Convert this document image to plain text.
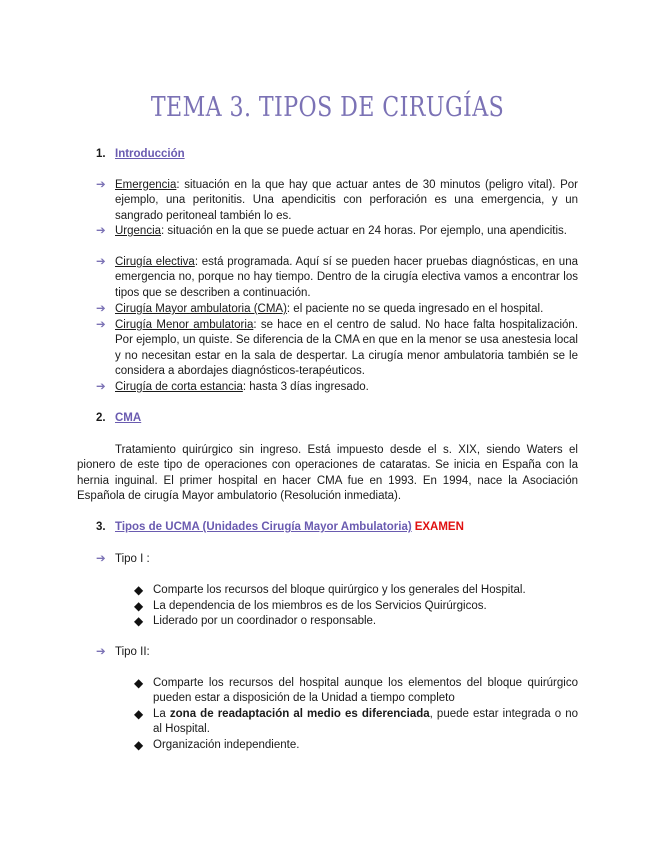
TEMA 3. TIPOS DE CIRUGÍAS
1. Introducción
➔ Emergencia: situación en la que hay que actuar antes de 30 minutos (peligro vital). Por ejemplo, una peritonitis. Una apendicitis con perforación es una emergencia, y un sangrado peritoneal también lo es.
➔ Urgencia: situación en la que se puede actuar en 24 horas. Por ejemplo, una apendicitis.
➔ Cirugía electiva: está programada. Aquí sí se pueden hacer pruebas diagnósticas, en una emergencia no, porque no hay tiempo. Dentro de la cirugía electiva vamos a encontrar los tipos que se describen a continuación.
➔ Cirugía Mayor ambulatoria (CMA): el paciente no se queda ingresado en el hospital.
➔ Cirugía Menor ambulatoria: se hace en el centro de salud. No hace falta hospitalización. Por ejemplo, un quiste. Se diferencia de la CMA en que en la menor se usa anestesia local y no necesitan estar en la sala de despertar. La cirugía menor ambulatoria también se le considera a abordajes diagnósticos-terapéuticos.
➔ Cirugía de corta estancia: hasta 3 días ingresado.
2. CMA
Tratamiento quirúrgico sin ingreso. Está impuesto desde el s. XIX, siendo Waters el pionero de este tipo de operaciones con operaciones de cataratas. Se inicia en España con la hernia inguinal. El primer hospital en hacer CMA fue en 1993. En 1994, nace la Asociación Española de cirugía Mayor ambulatorio (Resolución inmediata).
3. Tipos de UCMA (Unidades Cirugía Mayor Ambulatoria) EXAMEN
➔ Tipo I :
◆ Comparte los recursos del bloque quirúrgico y los generales del Hospital.
◆ La dependencia de los miembros es de los Servicios Quirúrgicos.
◆ Liderado por un coordinador o responsable.
➔ Tipo II:
◆ Comparte los recursos del hospital aunque los elementos del bloque quirúrgico pueden estar a disposición de la Unidad a tiempo completo
◆ La zona de readaptación al medio es diferenciada, puede estar integrada o no al Hospital.
◆ Organización independiente.
